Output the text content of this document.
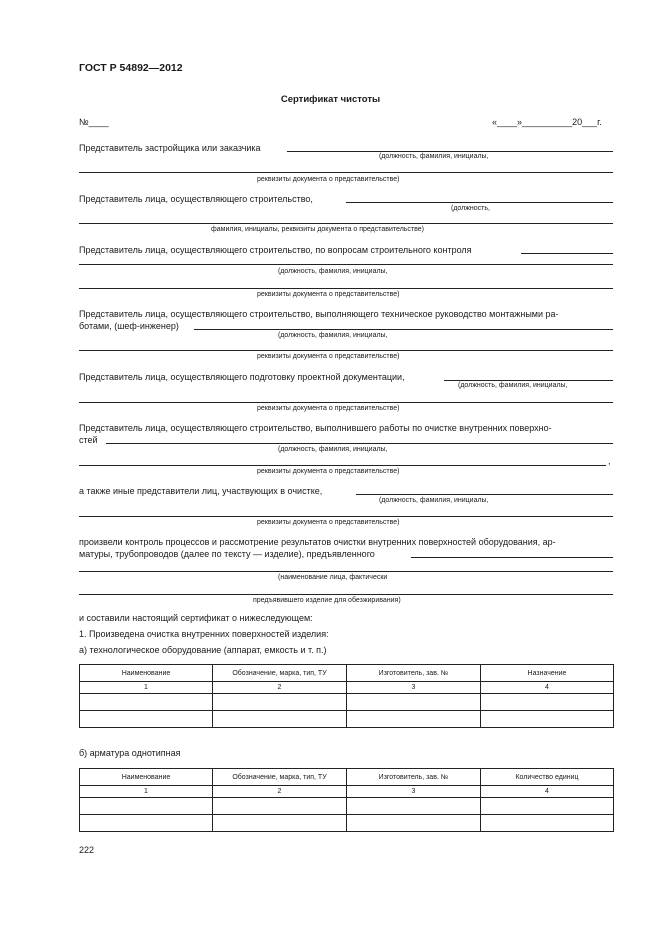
ГОСТ Р 54892—2012
Сертификат чистоты
№____	«____»__________20___г.
Представитель застройщика или заказчика
(должность, фамилия, инициалы,
реквизиты документа о представительстве)
Представитель лица, осуществляющего строительство,
(должность,
фамилия, инициалы, реквизиты документа о представительстве)
Представитель лица, осуществляющего строительство, по вопросам строительного контроля
(должность, фамилия, инициалы,
реквизиты документа о представительстве)
Представитель лица, осуществляющего строительство, выполняющего техническое руководство монтажными ра-
ботами, (шеф-инженер)
(должность, фамилия, инициалы,
реквизиты документа о представительстве)
Представитель лица, осуществляющего подготовку проектной документации,
(должность, фамилия, инициалы,
реквизиты документа о представительстве)
Представитель лица, осуществляющего строительство, выполнившего работы по очистке внутренних поверхно-
стей
(должность, фамилия, инициалы,
,
реквизиты документа о представительстве)
а также иные представители лиц, участвующих в очистке,
(должность, фамилия, инициалы,
реквизиты документа о представительстве)
произвели контроль процессов и рассмотрение результатов очистки внутренних поверхностей оборудования, ар-
матуры, трубопроводов (далее по тексту — изделие), предъявленного
(наименование лица, фактически
предъявившего изделие для обезжиривания)
и составили настоящий сертификат о нижеследующем:
1. Произведена очистка внутренних поверхностей изделия:
а) технологическое оборудование (аппарат, емкость и т. п.)
Наименование	Обозначение, марка, тип, ТУ	Изготовитель, зав. №	Назначение
1	2	3	4

б) арматура однотипная
Наименование	Обозначение, марка, тип, ТУ	Изготовитель, зав. №	Количество единиц
1	2	3	4

222
